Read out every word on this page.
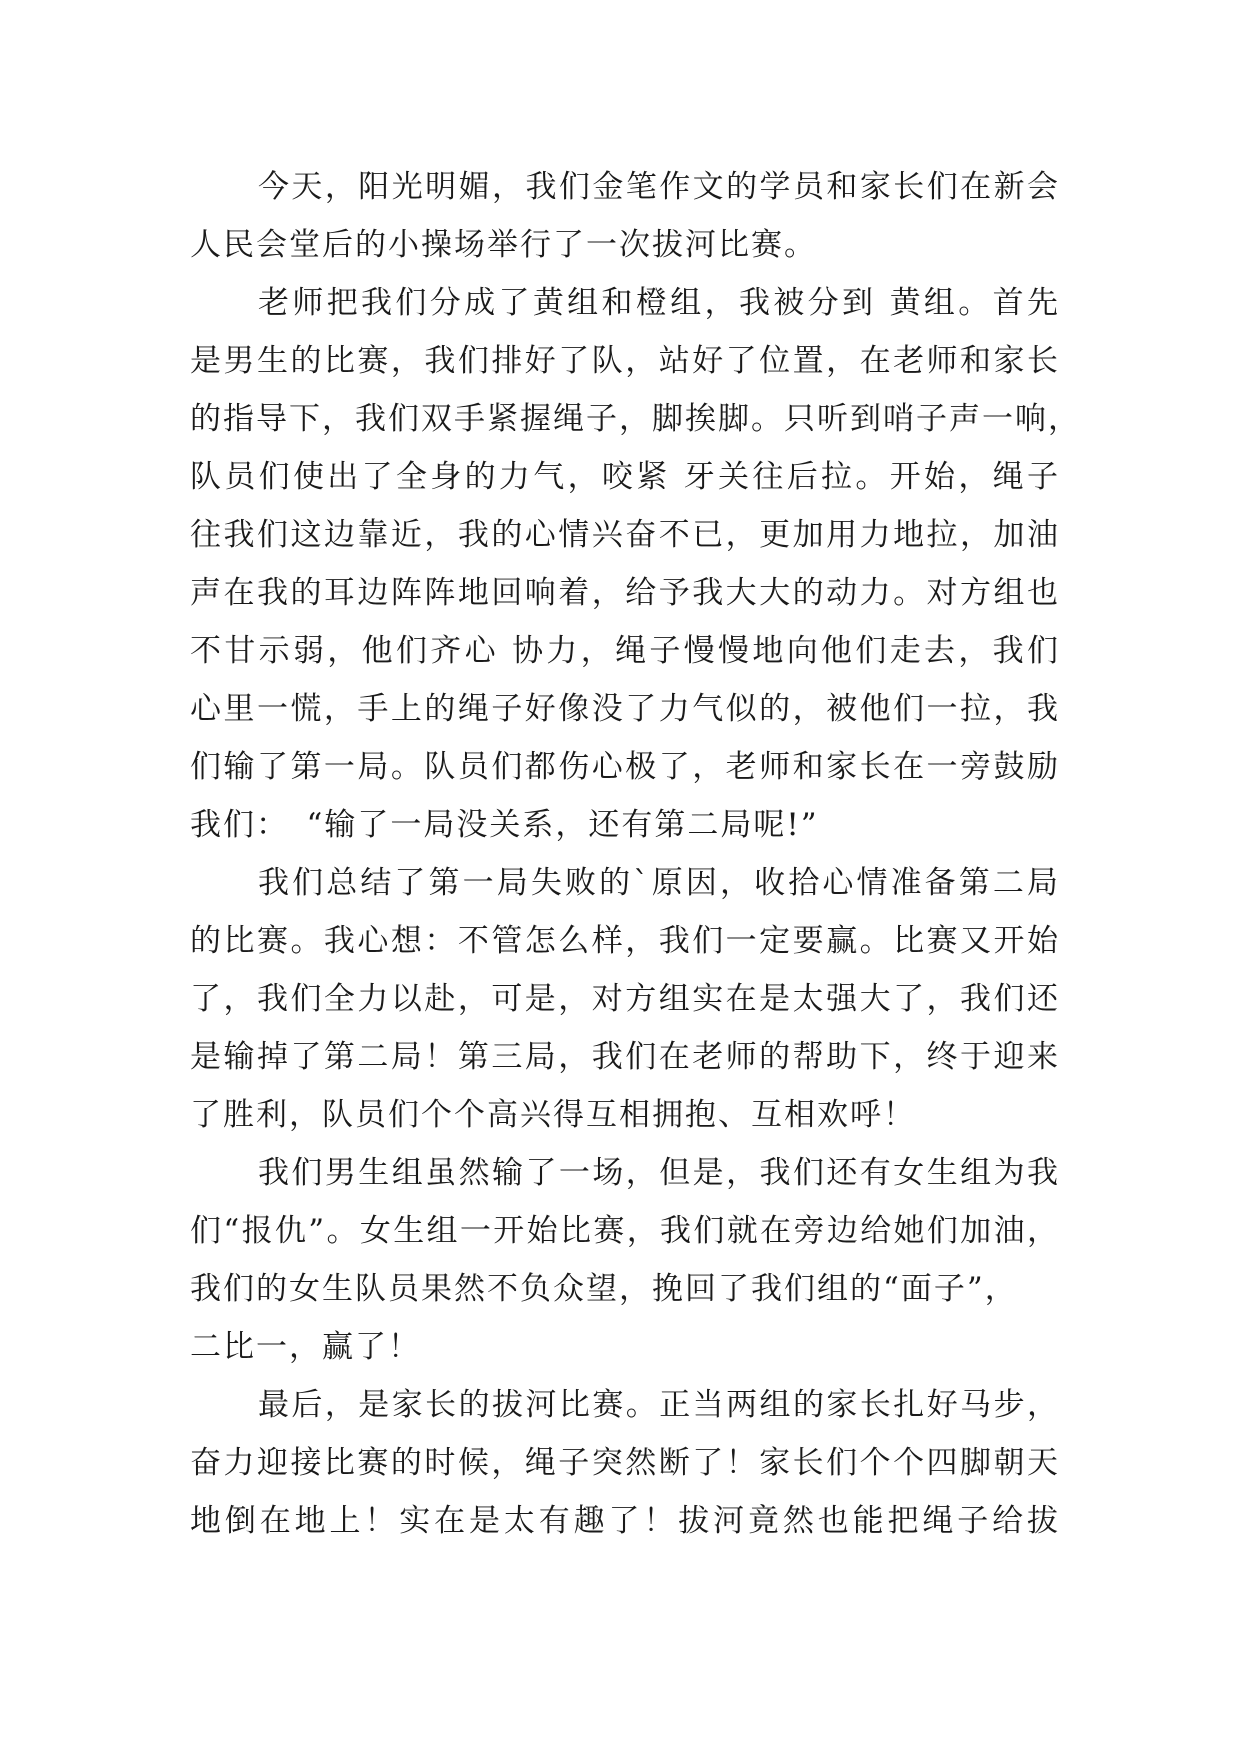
今天，阳光明媚，我们金笔作文的学员和家长们在新会
人民会堂后的小操场举行了一次拔河比赛。
老师把我们分成了黄组和橙组，我被分到 黄组。首先
是男生的比赛，我们排好了队，站好了位置，在老师和家长
的指导下，我们双手紧握绳子，脚挨脚。只听到哨子声一响，
队员们使出了全身的力气，咬紧 牙关往后拉。开始，绳子
往我们这边靠近，我的心情兴奋不已，更加用力地拉，加油
声在我的耳边阵阵地回响着，给予我大大的动力。对方组也
不甘示弱，他们齐心 协力，绳子慢慢地向他们走去，我们
心里一慌，手上的绳子好像没了力气似的，被他们一拉，我
们输了第一局。队员们都伤心极了，老师和家长在一旁鼓励
我们：　“输了一局没关系，还有第二局呢!”
我们总结了第一局失败的`原因，收拾心情准备第二局
的比赛。我心想：不管怎么样，我们一定要赢。比赛又开始
了，我们全力以赴，可是，对方组实在是太强大了，我们还
是输掉了第二局！第三局，我们在老师的帮助下，终于迎来
了胜利，队员们个个高兴得互相拥抱、互相欢呼！
我们男生组虽然输了一场，但是，我们还有女生组为我
们“报仇”。女生组一开始比赛，我们就在旁边给她们加油，
我们的女生队员果然不负众望，挽回了我们组的“面子”，
二比一，赢了！
最后，是家长的拔河比赛。正当两组的家长扎好马步，
奋力迎接比赛的时候，绳子突然断了！家长们个个四脚朝天
地倒在地上！实在是太有趣了！拔河竟然也能把绳子给拔
